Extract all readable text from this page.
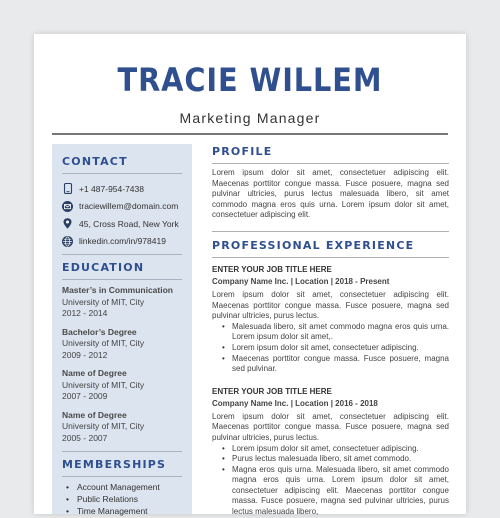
TRACIE WILLEM
Marketing Manager
CONTACT
+1 487-954-7438
traciewillem@domain.com
45, Cross Road, New York
linkedin.com/in/978419
EDUCATION
Master’s in Communication
University of MIT, City
2012 - 2014
Bachelor’s Degree
University of MIT, City
2009 - 2012
Name of Degree
University of MIT, City
2007 - 2009
Name of Degree
University of MIT, City
2005 - 2007
MEMBERSHIPS
• Account Management
• Public Relations
• Time Management
PROFILE
Lorem ipsum dolor sit amet, consectetuer adipiscing elit. Maecenas porttitor congue massa. Fusce posuere, magna sed pulvinar ultricies, purus lectus malesuada libero, sit amet commodo magna eros quis urna. Lorem ipsum dolor sit amet, consectetuer adipiscing elit.
PROFESSIONAL EXPERIENCE
ENTER YOUR JOB TITLE HERE
Company Name Inc. | Location | 2018 - Present
Lorem ipsum dolor sit amet, consectetuer adipiscing elit. Maecenas porttitor congue massa. Fusce posuere, magna sed pulvinar ultricies, purus lectus.
• Malesuada libero, sit amet commodo magna eros quis urna. Lorem ipsum dolor sit amet,.
• Lorem ipsum dolor sit amet, consectetuer adipiscing.
• Maecenas porttitor congue massa. Fusce posuere, magna sed pulvinar.
ENTER YOUR JOB TITLE HERE
Company Name Inc. | Location | 2016 - 2018
Lorem ipsum dolor sit amet, consectetuer adipiscing elit. Maecenas porttitor congue massa. Fusce posuere, magna sed pulvinar ultricies, purus lectus.
• Lorem ipsum dolor sit amet, consectetuer adipiscing.
• Purus lectus malesuada libero, sit amet commodo.
• Magna eros quis urna. Malesuada libero, sit amet commodo magna eros quis urna. Lorem ipsum dolor sit amet, consectetuer adipiscing elit. Maecenas porttitor congue massa. Fusce posuere, magna sed pulvinar ultricies, purus lectus malesuada libero,
